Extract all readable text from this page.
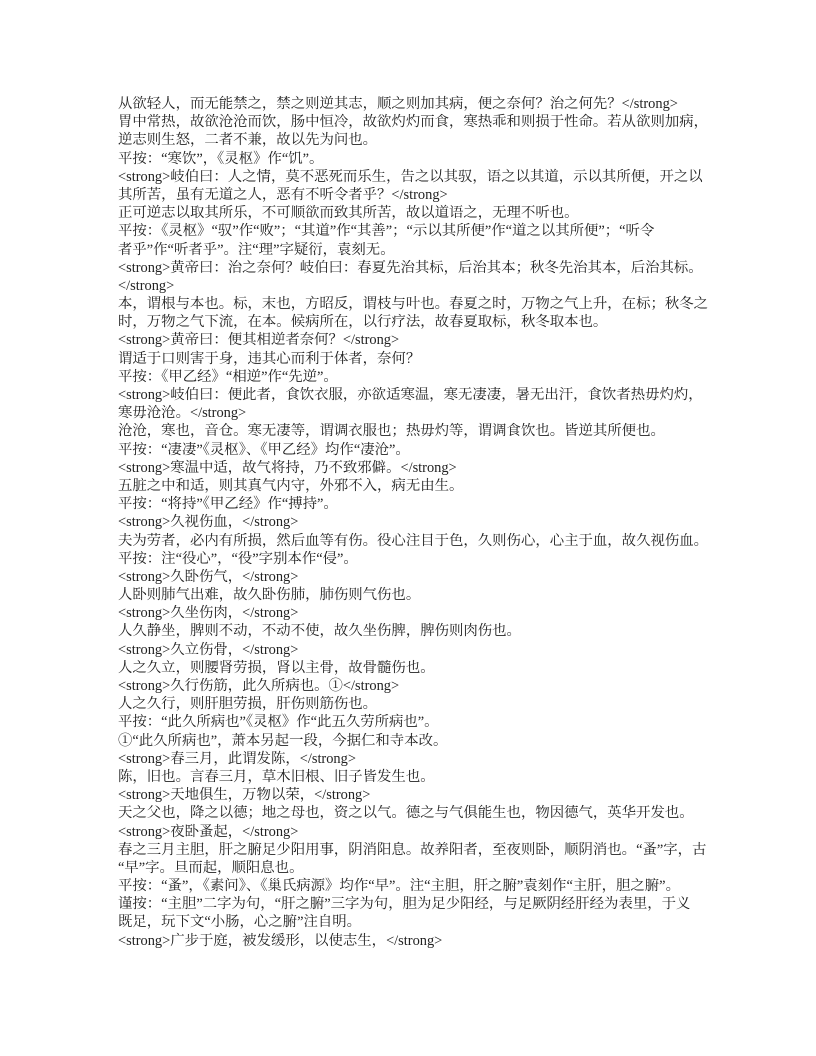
从欲轻人，而无能禁之，禁之则逆其志，顺之则加其病，便之奈何？治之何先？</strong>
胃中常热，故欲沧沧而饮，肠中恒冷，故欲灼灼而食，寒热乖和则损于性命。若从欲则加病，
逆志则生怒，二者不兼，故以先为问也。
平按：“寒饮”，《灵枢》作“饥”。
<strong>岐伯曰：人之情，莫不恶死而乐生，告之以其驭，语之以其道，示以其所便，开之以
其所苦，虽有无道之人，恶有不听令者乎？</strong>
正可逆志以取其所乐，不可顺欲而致其所苦，故以道语之，无理不听也。
平按：《灵枢》“驭”作“败”；“其道”作“其善”；“示以其所便”作“道之以其所便”；“听令
者乎”作“听者乎”。注“理”字疑衍，袁刻无。
<strong>黄帝曰：治之奈何？岐伯曰：春夏先治其标，后治其本；秋冬先治其本，后治其标。
</strong>
本，谓根与本也。标，末也，方昭反，谓枝与叶也。春夏之时，万物之气上升，在标；秋冬之
时，万物之气下流，在本。候病所在，以行疗法，故春夏取标，秋冬取本也。
<strong>黄帝曰：便其相逆者奈何？</strong>
谓适于口则害于身，违其心而利于体者，奈何？
平按：《甲乙经》“相逆”作“先逆”。
<strong>岐伯曰：便此者，食饮衣服，亦欲适寒温，寒无凄凄，暑无出汗，食饮者热毋灼灼，
寒毋沧沧。</strong>
沧沧，寒也，音仓。寒无凄等，谓调衣服也；热毋灼等，谓调食饮也。皆逆其所便也。
平按：“凄凄”《灵枢》、《甲乙经》均作“凄沧”。
<strong>寒温中适，故气将持，乃不致邪僻。</strong>
五脏之中和适，则其真气内守，外邪不入，病无由生。
平按：“将持”《甲乙经》作“搏持”。
<strong>久视伤血，</strong>
夫为劳者，必内有所损，然后血等有伤。役心注目于色，久则伤心，心主于血，故久视伤血。
平按：注“役心”，“役”字别本作“侵”。
<strong>久卧伤气，</strong>
人卧则肺气出难，故久卧伤肺，肺伤则气伤也。
<strong>久坐伤肉，</strong>
人久静坐，脾则不动，不动不使，故久坐伤脾，脾伤则肉伤也。
<strong>久立伤骨，</strong>
人之久立，则腰肾劳损，肾以主骨，故骨髓伤也。
<strong>久行伤筋，此久所病也。①</strong>
人之久行，则肝胆劳损，肝伤则筋伤也。
平按：“此久所病也”《灵枢》作“此五久劳所病也”。
①“此久所病也”，萧本另起一段，今据仁和寺本改。
<strong>春三月，此谓发陈，</strong>
陈，旧也。言春三月，草木旧根、旧子皆发生也。
<strong>天地俱生，万物以荣，</strong>
天之父也，降之以德；地之母也，资之以气。德之与气俱能生也，物因德气，英华开发也。
<strong>夜卧蚤起，</strong>
春之三月主胆，肝之腑足少阳用事，阴消阳息。故养阳者，至夜则卧，顺阴消也。“蚤”字，古
“早”字。旦而起，顺阳息也。
平按：“蚤”，《素问》、《巢氏病源》均作“早”。注“主胆，肝之腑”袁刻作“主肝，胆之腑”。
谨按：“主胆”二字为句，“肝之腑”三字为句，胆为足少阳经，与足厥阴经肝经为表里，于义
既足，玩下文“小肠，心之腑”注自明。
<strong>广步于庭，被发缓形，以使志生，</strong>
